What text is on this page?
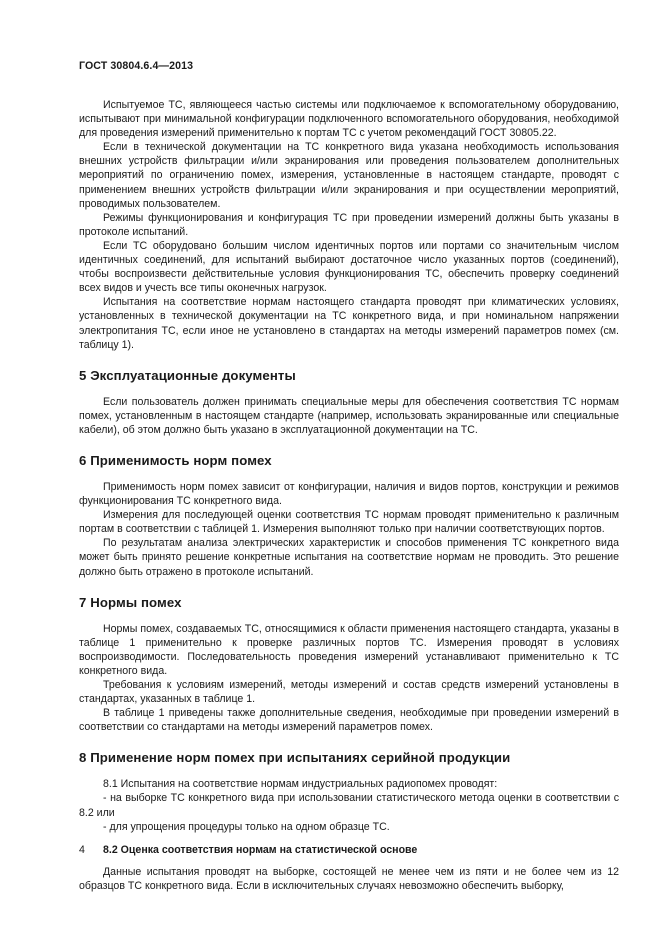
ГОСТ 30804.6.4—2013

Испытуемое ТС, являющееся частью системы или подключаемое к вспомогательному оборудованию, испытывают при минимальной конфигурации подключенного вспомогательного оборудования, необходимой для проведения измерений применительно к портам ТС с учетом рекомендаций ГОСТ 30805.22.

Если в технической документации на ТС конкретного вида указана необходимость использования внешних устройств фильтрации и/или экранирования или проведения пользователем дополнительных мероприятий по ограничению помех, измерения, установленные в настоящем стандарте, проводят с применением внешних устройств фильтрации и/или экранирования и при осуществлении мероприятий, проводимых пользователем.

Режимы функционирования и конфигурация ТС при проведении измерений должны быть указаны в протоколе испытаний.

Если ТС оборудовано большим числом идентичных портов или портами со значительным числом идентичных соединений, для испытаний выбирают достаточное число указанных портов (соединений), чтобы воспроизвести действительные условия функционирования ТС, обеспечить проверку соединений всех видов и учесть все типы оконечных нагрузок.

Испытания на соответствие нормам настоящего стандарта проводят при климатических условиях, установленных в технической документации на ТС конкретного вида, и при номинальном напряжении электропитания ТС, если иное не установлено в стандартах на методы измерений параметров помех (см. таблицу 1).

5 Эксплуатационные документы

Если пользователь должен принимать специальные меры для обеспечения соответствия ТС нормам помех, установленным в настоящем стандарте (например, использовать экранированные или специальные кабели), об этом должно быть указано в эксплуатационной документации на ТС.

6 Применимость норм помех

Применимость норм помех зависит от конфигурации, наличия и видов портов, конструкции и режимов функционирования ТС конкретного вида.

Измерения для последующей оценки соответствия ТС нормам проводят применительно к различным портам в соответствии с таблицей 1. Измерения выполняют только при наличии соответствующих портов.

По результатам анализа электрических характеристик и способов применения ТС конкретного вида может быть принято решение конкретные испытания на соответствие нормам не проводить. Это решение должно быть отражено в протоколе испытаний.

7 Нормы помех

Нормы помех, создаваемых ТС, относящимися к области применения настоящего стандарта, указаны в таблице 1 применительно к проверке различных портов ТС. Измерения проводят в условиях воспроизводимости. Последовательность проведения измерений устанавливают применительно к ТС конкретного вида.

Требования к условиям измерений, методы измерений и состав средств измерений установлены в стандартах, указанных в таблице 1.

В таблице 1 приведены также дополнительные сведения, необходимые при проведении измерений в соответствии со стандартами на методы измерений параметров помех.

8 Применение норм помех при испытаниях серийной продукции

8.1 Испытания на соответствие нормам индустриальных радиопомех проводят:

- на выборке ТС конкретного вида при использовании статистического метода оценки в соответствии с 8.2 или

- для упрощения процедуры только на одном образце ТС.

8.2 Оценка соответствия нормам на статистической основе

Данные испытания проводят на выборке, состоящей не менее чем из пяти и не более чем из 12 образцов ТС конкретного вида. Если в исключительных случаях невозможно обеспечить выборку,

4
